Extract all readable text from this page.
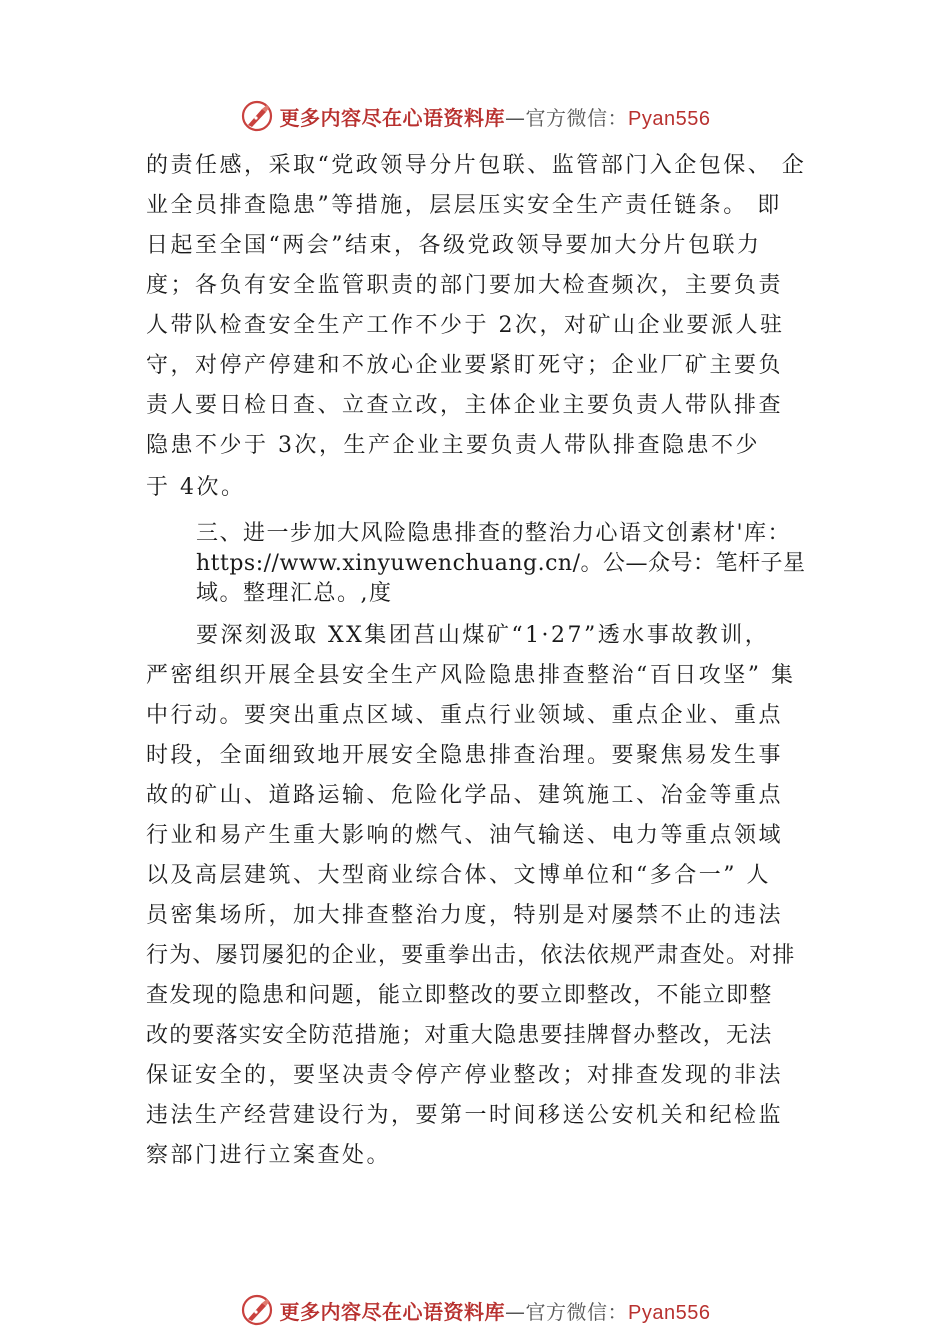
更多内容尽在心语资料库—官方微信：Pyan556
的责任感，采取“党政领导分片包联、监管部门入企包保、 企
业全员排查隐患”等措施，层层压实安全生产责任链条。 即
日起至全国“两会”结束，各级党政领导要加大分片包联力
度；各负有安全监管职责的部门要加大检查频次，主要负责
人带队检查安全生产工作不少于 2次，对矿山企业要派人驻
守，对停产停建和不放心企业要紧盯死守；企业厂矿主要负
责人要日检日查、立查立改，主体企业主要负责人带队排查
隐患不少于 3次，生产企业主要负责人带队排查隐患不少
于 4次。
三、进一步加大风险隐患排查的整治力心语文创素材'库：
https://www.xinyuwenchuang.cn/。公—众号：笔杆子星
域。整理汇总。,度
要深刻汲取 XX集团莒山煤矿“1·27”透水事故教训，
严密组织开展全县安全生产风险隐患排查整治“百日攻坚” 集
中行动。要突出重点区域、重点行业领域、重点企业、重点
时段，全面细致地开展安全隐患排查治理。要聚焦易发生事
故的矿山、道路运输、危险化学品、建筑施工、冶金等重点
行业和易产生重大影响的燃气、油气输送、电力等重点领域
以及高层建筑、大型商业综合体、文博单位和“多合一” 人
员密集场所，加大排查整治力度，特别是对屡禁不止的违法
行为、屡罚屡犯的企业，要重拳出击，依法依规严肃查处。对排
查发现的隐患和问题，能立即整改的要立即整改，不能立即整
改的要落实安全防范措施；对重大隐患要挂牌督办整改，无法
保证安全的，要坚决责令停产停业整改；对排查发现的非法
违法生产经营建设行为，要第一时间移送公安机关和纪检监
察部门进行立案查处。
更多内容尽在心语资料库—官方微信：Pyan556
